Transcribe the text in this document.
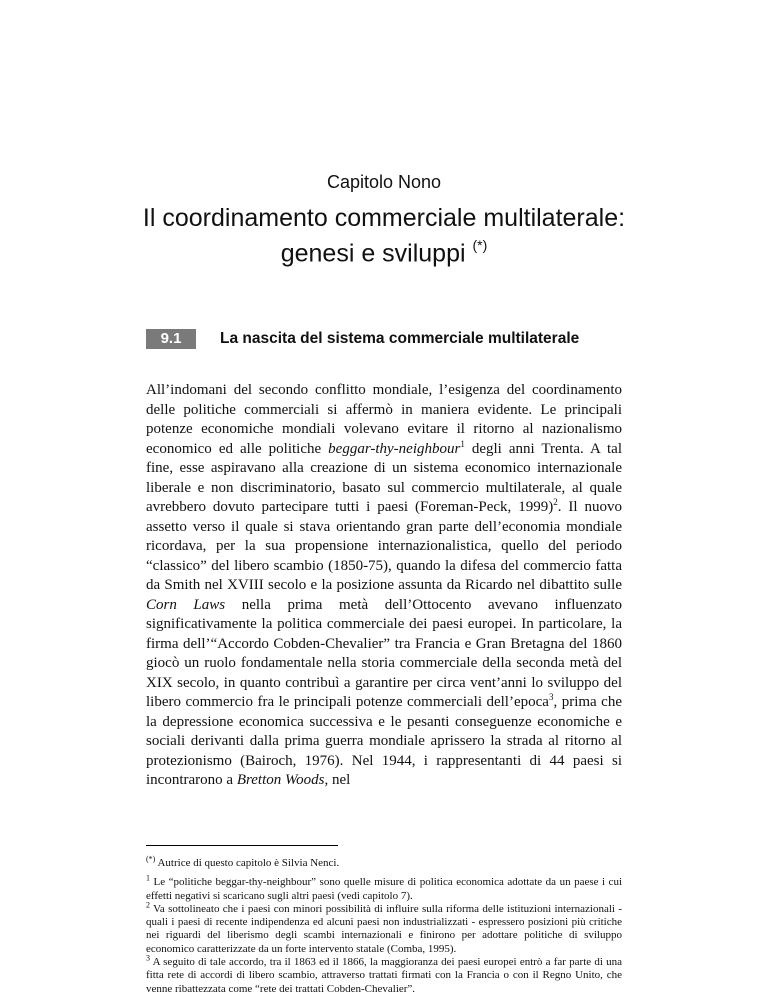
Capitolo Nono
Il coordinamento commerciale multilaterale:
genesi e sviluppi (*)
9.1	La nascita del sistema commerciale multilaterale

All’indomani del secondo conflitto mondiale, l’esigenza del coordinamento delle politiche commerciali si affermò in maniera evidente. Le principali potenze economiche mondiali volevano evitare il ritorno al nazionalismo economico ed alle politiche beggar-thy-neighbour$^1$ degli anni Trenta. A tal fine, esse aspiravano alla creazione di un sistema economico internazionale liberale e non discriminatorio, basato sul commercio multilaterale, al quale avrebbero dovuto partecipare tutti i paesi (Foreman-Peck, 1999)$^2$. Il nuovo assetto verso il quale si stava orientando gran parte dell’economia mondiale ricordava, per la sua propensione internazionalistica, quello del periodo “classico” del libero scambio (1850-75), quando la difesa del commercio fatta da Smith nel XVIII secolo e la posizione assunta da Ricardo nel dibattito sulle Corn Laws nella prima metà dell’Ottocento avevano influenzato significativamente la politica commerciale dei paesi europei. In particolare, la firma dell’“Accordo Cobden-Chevalier” tra Francia e Gran Bretagna del 1860 giocò un ruolo fondamentale nella storia commerciale della seconda metà del XIX secolo, in quanto contribuì a garantire per circa vent’anni lo sviluppo del libero commercio fra le principali potenze commerciali dell’epoca$^3$, prima che la depressione economica successiva e le pesanti conseguenze economiche e sociali derivanti dalla prima guerra mondiale aprissero la strada al ritorno al protezionismo (Bairoch, 1976). Nel 1944, i rappresentanti di 44 paesi si incontrarono a Bretton Woods, nel

(*) Autrice di questo capitolo è Silvia Nenci.

$^1$ Le “politiche beggar-thy-neighbour” sono quelle misure di politica economica adottate da un paese i cui effetti negativi si scaricano sugli altri paesi (vedi capitolo 7).

$^2$ Va sottolineato che i paesi con minori possibilità di influire sulla riforma delle istituzioni internazionali - quali i paesi di recente indipendenza ed alcuni paesi non industrializzati - espressero posizioni più critiche nei riguardi del liberismo degli scambi internazionali e finirono per adottare politiche di sviluppo economico caratterizzate da un forte intervento statale (Comba, 1995).

$^3$ A seguito di tale accordo, tra il 1863 ed il 1866, la maggioranza dei paesi europei entrò a far parte di una fitta rete di accordi di libero scambio, attraverso trattati firmati con la Francia o con il Regno Unito, che venne ribattezzata come “rete dei trattati Cobden-Chevalier”.
